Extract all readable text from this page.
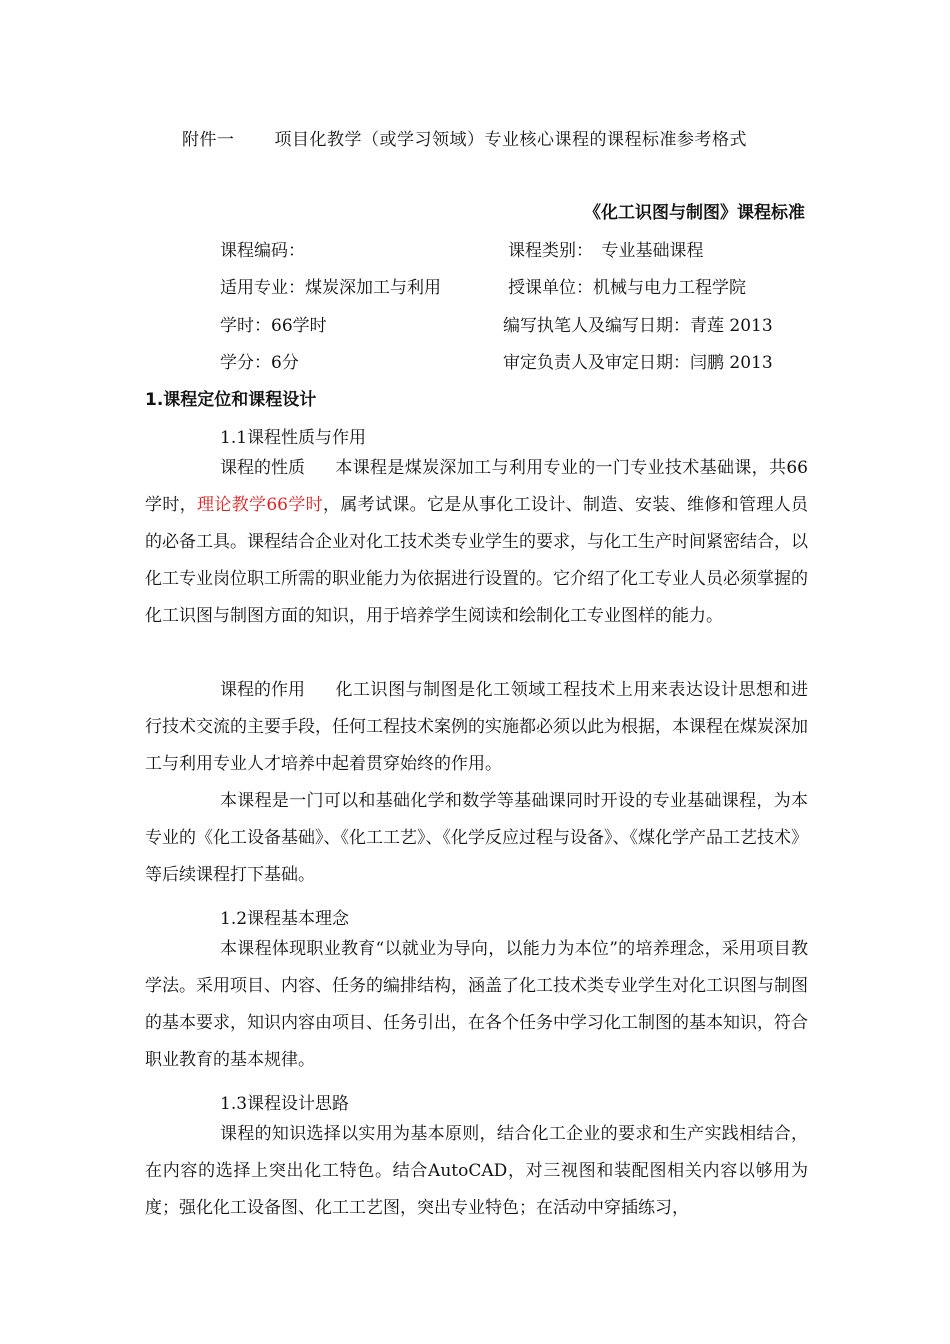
附件一 项目化教学（或学习领域）专业核心课程的课程标准参考格式
《化工识图与制图》课程标准
课程编码：	课程类别：　专业基础课程
适用专业：煤炭深加工与利用	授课单位：机械与电力工程学院
学时：66学时	编写执笔人及编写日期：青莲 2013
学分：6分	审定负责人及审定日期：闫鹏 2013
1.课程定位和课程设计
1.1课程性质与作用

课程的性质 本课程是煤炭深加工与利用专业的一门专业技术基础课，共66学时，理论教学66学时，属考试课。它是从事化工设计、制造、安装、维修和管理人员的必备工具。课程结合企业对化工技术类专业学生的要求，与化工生产时间紧密结合，以化工专业岗位职工所需的职业能力为依据进行设置的。它介绍了化工专业人员必须掌握的化工识图与制图方面的知识，用于培养学生阅读和绘制化工专业图样的能力。

课程的作用 化工识图与制图是化工领域工程技术上用来表达设计思想和进行技术交流的主要手段，任何工程技术案例的实施都必须以此为根据，本课程在煤炭深加工与利用专业人才培养中起着贯穿始终的作用。

本课程是一门可以和基础化学和数学等基础课同时开设的专业基础课程，为本专业的《化工设备基础》、《化工工艺》、《化学反应过程与设备》、《煤化学产品工艺技术》等后续课程打下基础。

1.2课程基本理念

本课程体现职业教育“以就业为导向，以能力为本位”的培养理念，采用项目教学法。采用项目、内容、任务的编排结构，涵盖了化工技术类专业学生对化工识图与制图的基本要求，知识内容由项目、任务引出，在各个任务中学习化工制图的基本知识，符合职业教育的基本规律。

1.3课程设计思路

课程的知识选择以实用为基本原则，结合化工企业的要求和生产实践相结合，在内容的选择上突出化工特色。结合AutoCAD，对三视图和装配图相关内容以够用为度；强化化工设备图、化工工艺图，突出专业特色；在活动中穿插练习，
